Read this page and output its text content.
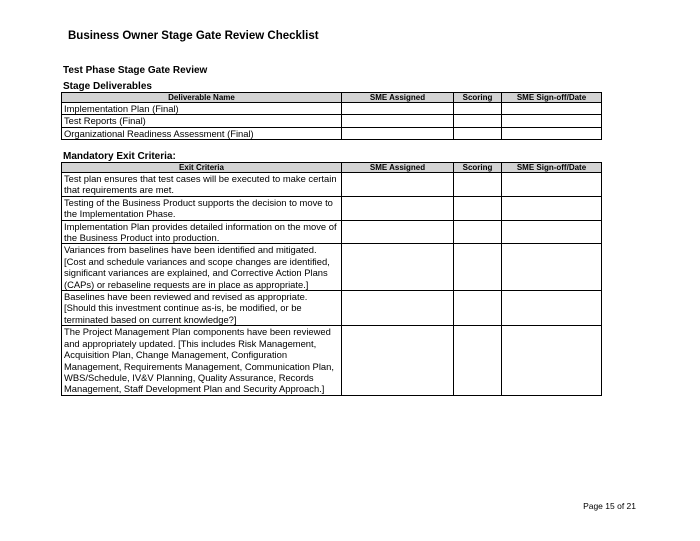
Business Owner Stage Gate Review Checklist
Test Phase Stage Gate Review
Stage Deliverables
Deliverable Name	SME Assigned	Scoring	SME Sign-off/Date
Implementation Plan (Final)			
Test Reports (Final)			
Organizational Readiness Assessment (Final)			
Mandatory Exit Criteria:
Exit Criteria	SME Assigned	Scoring	SME Sign-off/Date
Test plan ensures that test cases will be executed to make certain that requirements are met.			
Testing of the Business Product supports the decision to move to the Implementation Phase.			
Implementation Plan provides detailed information on the move of the Business Product into production.			
Variances from baselines have been identified and mitigated. [Cost and schedule variances and scope changes are identified, significant variances are explained, and Corrective Action Plans (CAPs) or rebaseline requests are in place as appropriate.]			
Baselines have been reviewed and revised as appropriate. [Should this investment continue as-is, be modified, or be terminated based on current knowledge?]			
The Project Management Plan components have been reviewed and appropriately updated. [This includes Risk Management, Acquisition Plan, Change Management, Configuration Management, Requirements Management, Communication Plan, WBS/Schedule, IV&V Planning, Quality Assurance, Records Management, Staff Development Plan and Security Approach.]			

Page 15 of 21
